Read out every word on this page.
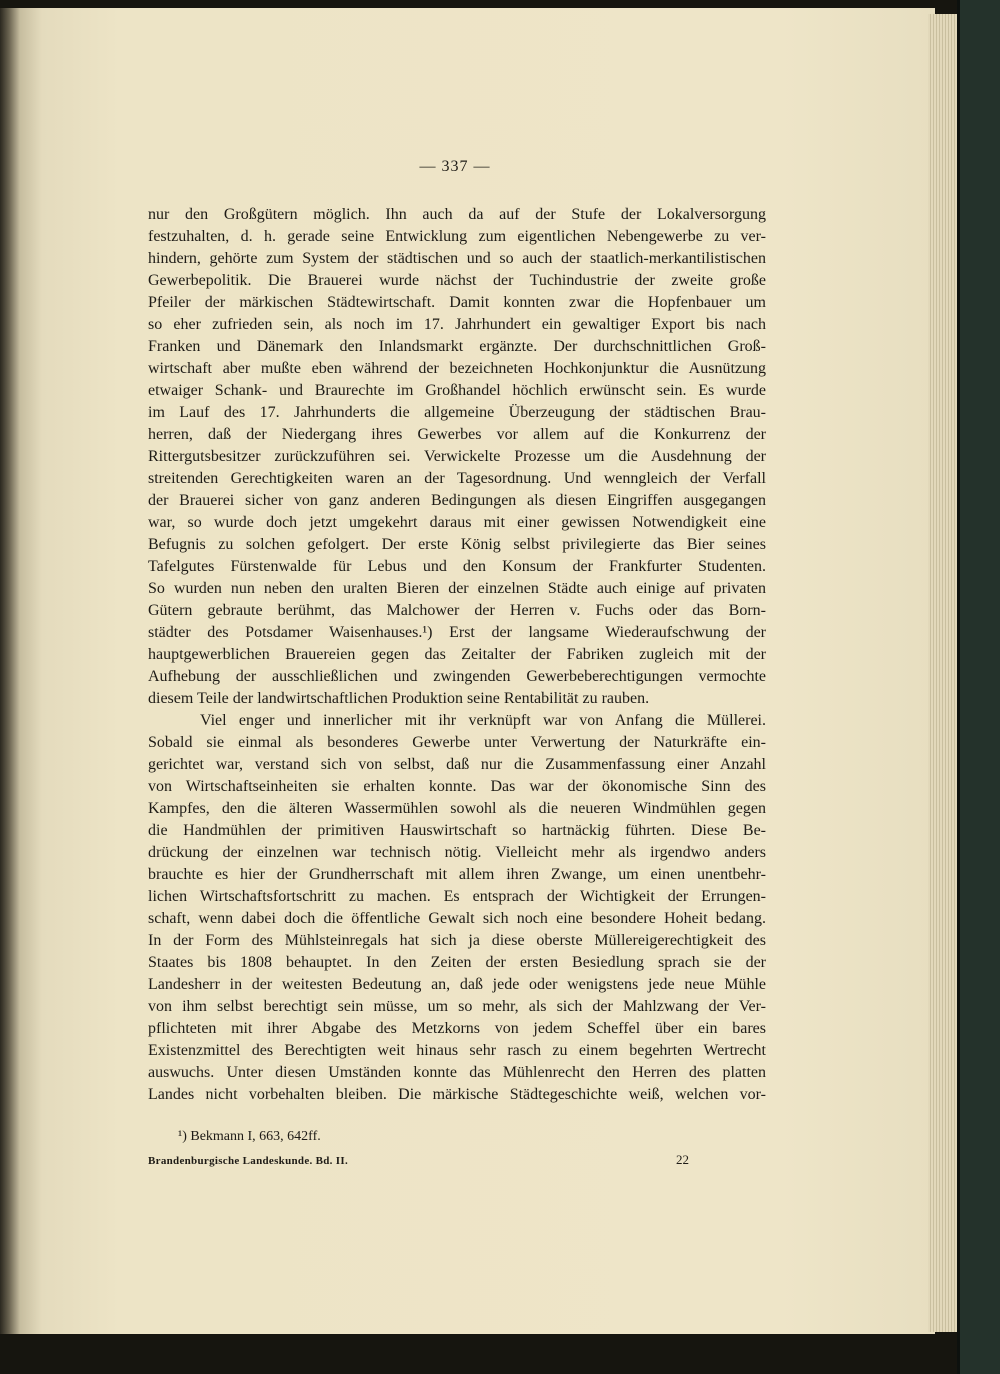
— 337 —
nur den Großgütern möglich. Ihn auch da auf der Stufe der Lokalversorgung
festzuhalten, d. h. gerade seine Entwicklung zum eigentlichen Nebengewerbe zu ver-
hindern, gehörte zum System der städtischen und so auch der staatlich-merkantilistischen
Gewerbepolitik. Die Brauerei wurde nächst der Tuchindustrie der zweite große
Pfeiler der märkischen Städtewirtschaft. Damit konnten zwar die Hopfenbauer um
so eher zufrieden sein, als noch im 17. Jahrhundert ein gewaltiger Export bis nach
Franken und Dänemark den Inlandsmarkt ergänzte. Der durchschnittlichen Groß-
wirtschaft aber mußte eben während der bezeichneten Hochkonjunktur die Ausnützung
etwaiger Schank- und Braurechte im Großhandel höchlich erwünscht sein. Es wurde
im Lauf des 17. Jahrhunderts die allgemeine Überzeugung der städtischen Brau-
herren, daß der Niedergang ihres Gewerbes vor allem auf die Konkurrenz der
Rittergutsbesitzer zurückzuführen sei. Verwickelte Prozesse um die Ausdehnung der
streitenden Gerechtigkeiten waren an der Tagesordnung. Und wenngleich der Verfall
der Brauerei sicher von ganz anderen Bedingungen als diesen Eingriffen ausgegangen
war, so wurde doch jetzt umgekehrt daraus mit einer gewissen Notwendigkeit eine
Befugnis zu solchen gefolgert. Der erste König selbst privilegierte das Bier seines
Tafelgutes Fürstenwalde für Lebus und den Konsum der Frankfurter Studenten.
So wurden nun neben den uralten Bieren der einzelnen Städte auch einige auf privaten
Gütern gebraute berühmt, das Malchower der Herren v. Fuchs oder das Born-
städter des Potsdamer Waisenhauses.¹) Erst der langsame Wiederaufschwung der
hauptgewerblichen Brauereien gegen das Zeitalter der Fabriken zugleich mit der
Aufhebung der ausschließlichen und zwingenden Gewerbeberechtigungen vermochte
diesem Teile der landwirtschaftlichen Produktion seine Rentabilität zu rauben.
Viel enger und innerlicher mit ihr verknüpft war von Anfang die Müllerei.
Sobald sie einmal als besonderes Gewerbe unter Verwertung der Naturkräfte ein-
gerichtet war, verstand sich von selbst, daß nur die Zusammenfassung einer Anzahl
von Wirtschaftseinheiten sie erhalten konnte. Das war der ökonomische Sinn des
Kampfes, den die älteren Wassermühlen sowohl als die neueren Windmühlen gegen
die Handmühlen der primitiven Hauswirtschaft so hartnäckig führten. Diese Be-
drückung der einzelnen war technisch nötig. Vielleicht mehr als irgendwo anders
brauchte es hier der Grundherrschaft mit allem ihren Zwange, um einen unentbehr-
lichen Wirtschaftsfortschritt zu machen. Es entsprach der Wichtigkeit der Errungen-
schaft, wenn dabei doch die öffentliche Gewalt sich noch eine besondere Hoheit bedang.
In der Form des Mühlsteinregals hat sich ja diese oberste Müllereigerechtigkeit des
Staates bis 1808 behauptet. In den Zeiten der ersten Besiedlung sprach sie der
Landesherr in der weitesten Bedeutung an, daß jede oder wenigstens jede neue Mühle
von ihm selbst berechtigt sein müsse, um so mehr, als sich der Mahlzwang der Ver-
pflichteten mit ihrer Abgabe des Metzkorns von jedem Scheffel über ein bares
Existenzmittel des Berechtigten weit hinaus sehr rasch zu einem begehrten Wertrecht
auswuchs. Unter diesen Umständen konnte das Mühlenrecht den Herren des platten
Landes nicht vorbehalten bleiben. Die märkische Städtegeschichte weiß, welchen vor-
¹) Bekmann I, 663, 642ff.
Brandenburgische Landeskunde. Bd. II.	22
